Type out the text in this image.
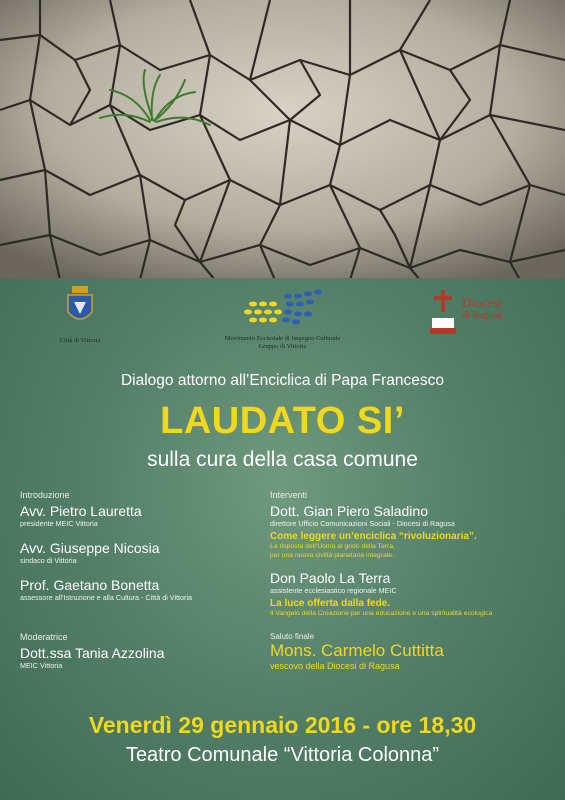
Città di Vittoria	Movimento Ecclesiale di Impegno Culturale
Gruppo di Vittoria
Diocesi
di Ragusa
Dialogo attorno all’Enciclica di Papa Francesco
LAUDATO SI’
sulla cura della casa comune
Introduzione
Avv. Pietro Lauretta
presidente MEIC Vittoria
Avv. Giuseppe Nicosia
sindaco di Vittoria
Prof. Gaetano Bonetta
assessore all’Istruzione e alla Cultura - Città di Vittoria
Moderatrice
Dott.ssa Tania Azzolina
MEIC Vittoria
Interventi
Dott. Gian Piero Saladino
direttore Ufficio Comunicazioni Sociali - Diocesi di Ragusa
Come leggere un’enciclica “rivoluzionaria”.
La risposta dell’Uomo al grido della Terra,
per una nuova civiltà planetaria integrale.
Don Paolo La Terra
assistente ecclesiastico regionale MEIC
La luce offerta dalla fede.
Il Vangelo della Creazione per una educazione e una spiritualità ecologica
Saluto finale
Mons. Carmelo Cuttitta
vescovo della Diocesi di Ragusa
Venerdì 29 gennaio 2016 - ore 18,30
Teatro Comunale “Vittoria Colonna”
